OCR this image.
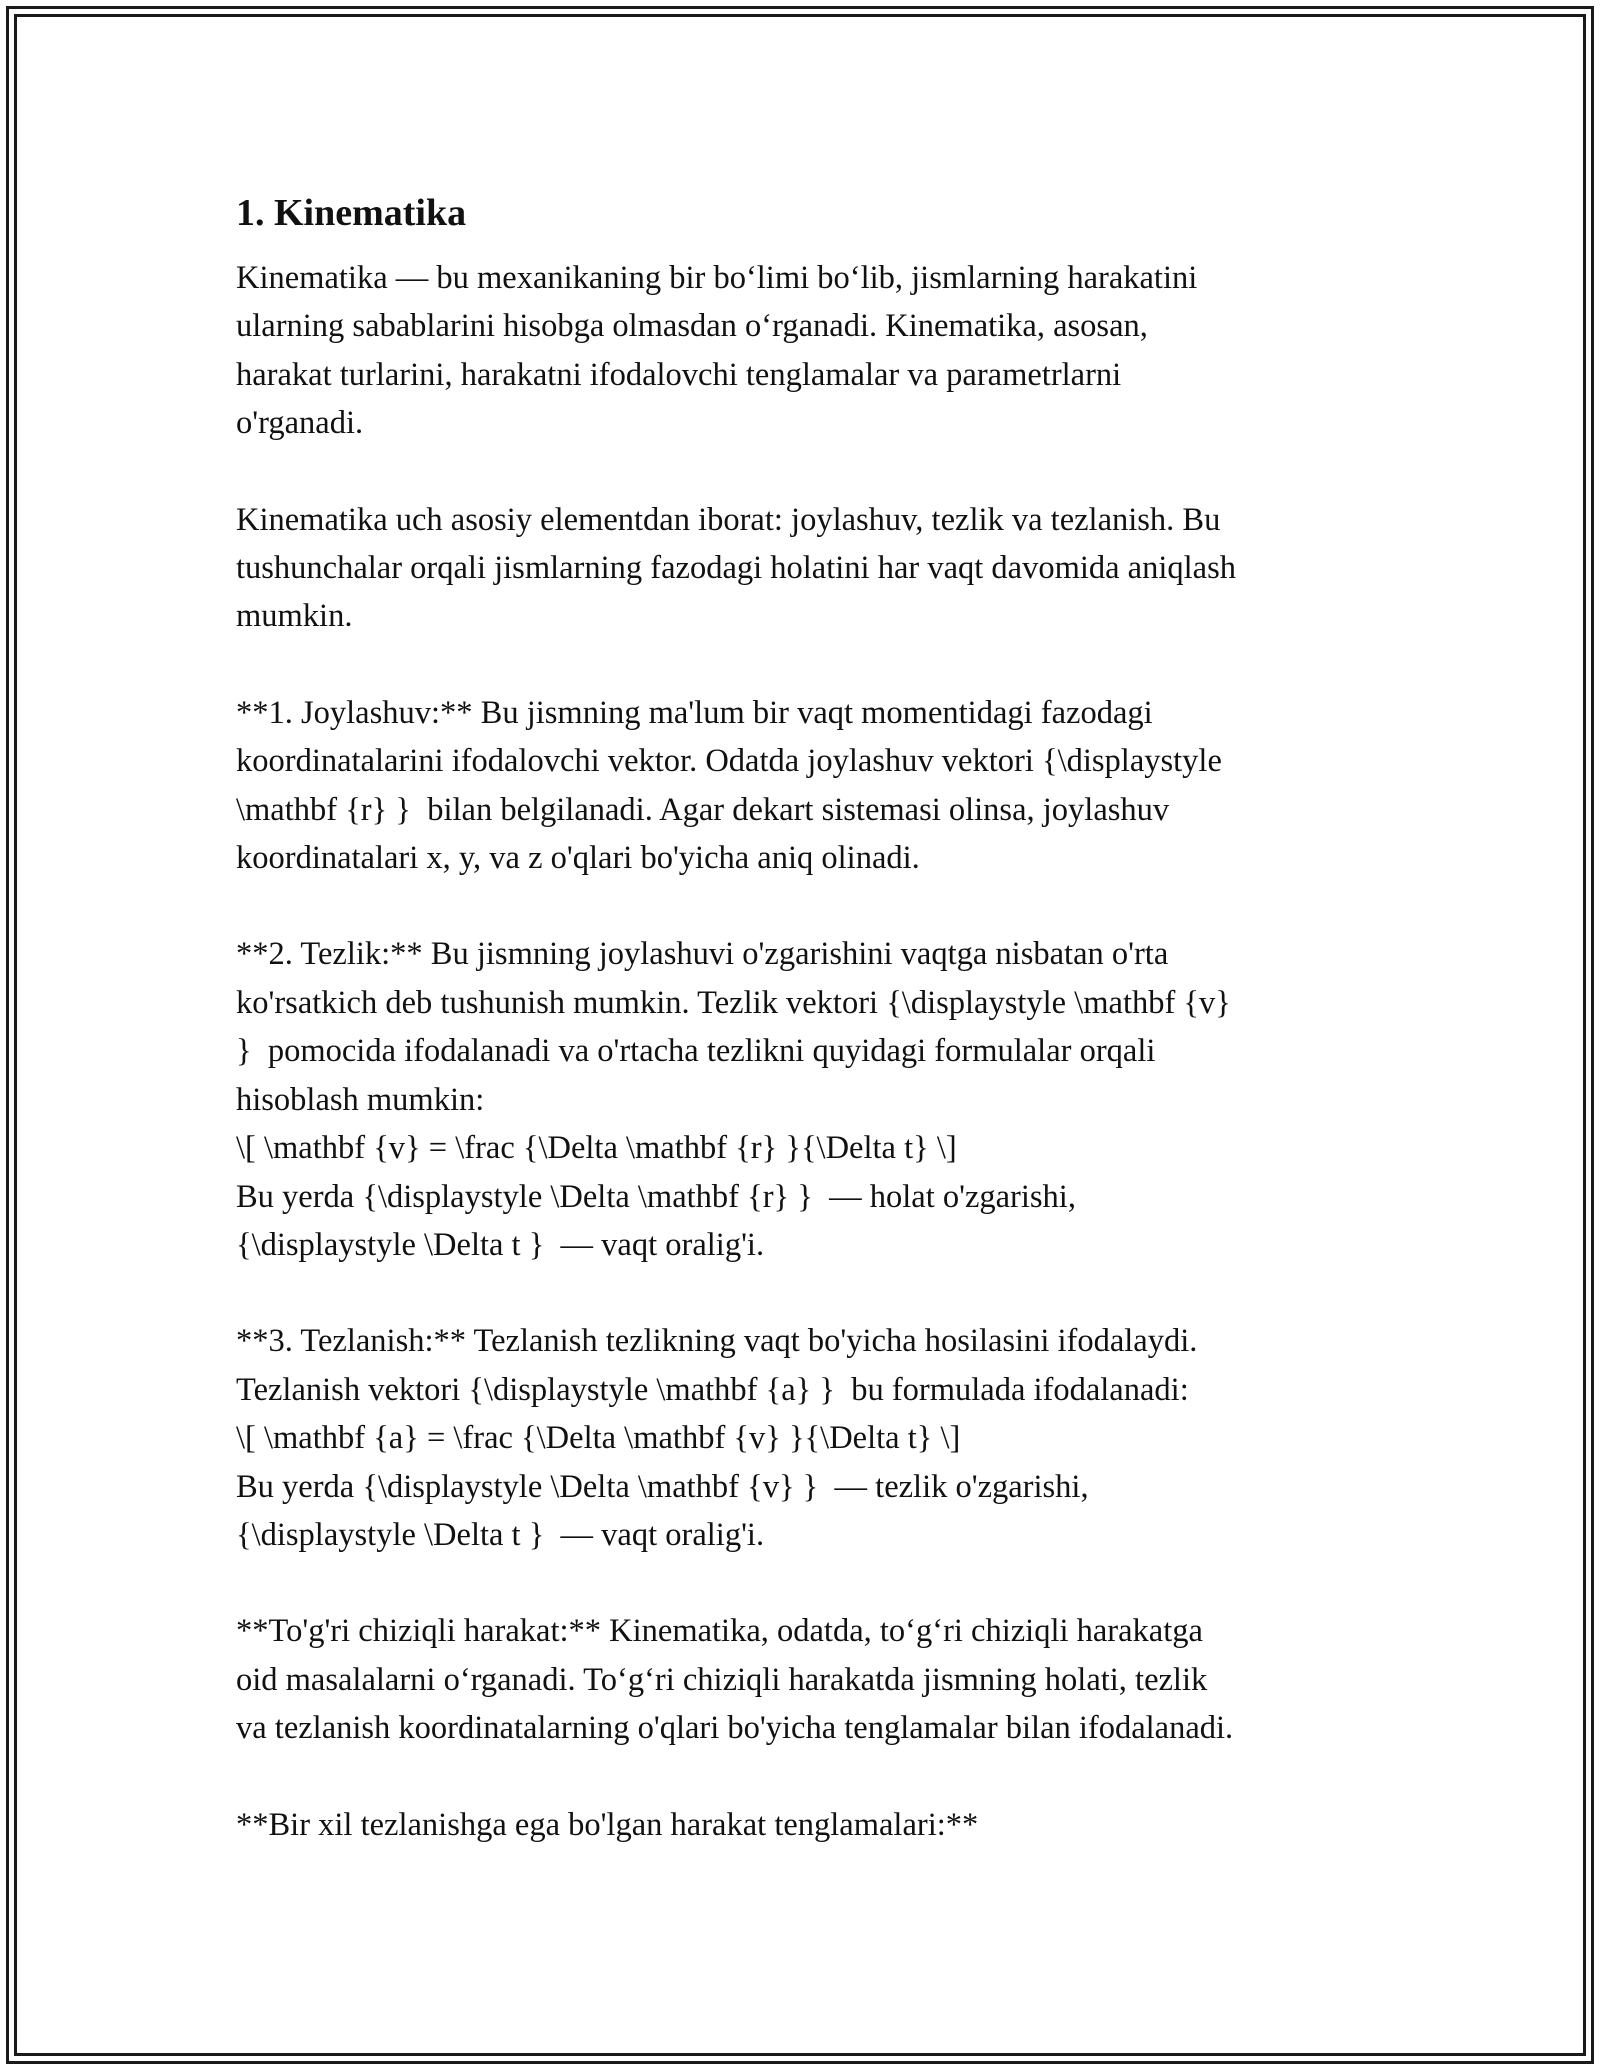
1. Kinematika

Kinematika — bu mexanikaning bir bo‘limi bo‘lib, jismlarning harakatini
ularning sabablarini hisobga olmasdan o‘rganadi. Kinematika, asosan,
harakat turlarini, harakatni ifodalovchi tenglamalar va parametrlarni
o'rganadi.

Kinematika uch asosiy elementdan iborat: joylashuv, tezlik va tezlanish. Bu
tushunchalar orqali jismlarning fazodagi holatini har vaqt davomida aniqlash
mumkin.

**1. Joylashuv:** Bu jismning ma'lum bir vaqt momentidagi fazodagi
koordinatalarini ifodalovchi vektor. Odatda joylashuv vektori {\displaystyle
\mathbf {r} }  bilan belgilanadi. Agar dekart sistemasi olinsa, joylashuv
koordinatalari x, y, va z o'qlari bo'yicha aniq olinadi.

**2. Tezlik:** Bu jismning joylashuvi o'zgarishini vaqtga nisbatan o'rta
ko'rsatkich deb tushunish mumkin. Tezlik vektori {\displaystyle \mathbf {v}
}  pomocida ifodalanadi va o'rtacha tezlikni quyidagi formulalar orqali
hisoblash mumkin:
\[ \mathbf {v} = \frac {\Delta \mathbf {r} }{\Delta t} \]
Bu yerda {\displaystyle \Delta \mathbf {r} }  — holat o'zgarishi,
{\displaystyle \Delta t }  — vaqt oralig'i.

**3. Tezlanish:** Tezlanish tezlikning vaqt bo'yicha hosilasini ifodalaydi.
Tezlanish vektori {\displaystyle \mathbf {a} }  bu formulada ifodalanadi:
\[ \mathbf {a} = \frac {\Delta \mathbf {v} }{\Delta t} \]
Bu yerda {\displaystyle \Delta \mathbf {v} }  — tezlik o'zgarishi,
{\displaystyle \Delta t }  — vaqt oralig'i.

**To'g'ri chiziqli harakat:** Kinematika, odatda, to‘g‘ri chiziqli harakatga
oid masalalarni o‘rganadi. To‘g‘ri chiziqli harakatda jismning holati, tezlik
va tezlanish koordinatalarning o'qlari bo'yicha tenglamalar bilan ifodalanadi.

**Bir xil tezlanishga ega bo'lgan harakat tenglamalari:**
